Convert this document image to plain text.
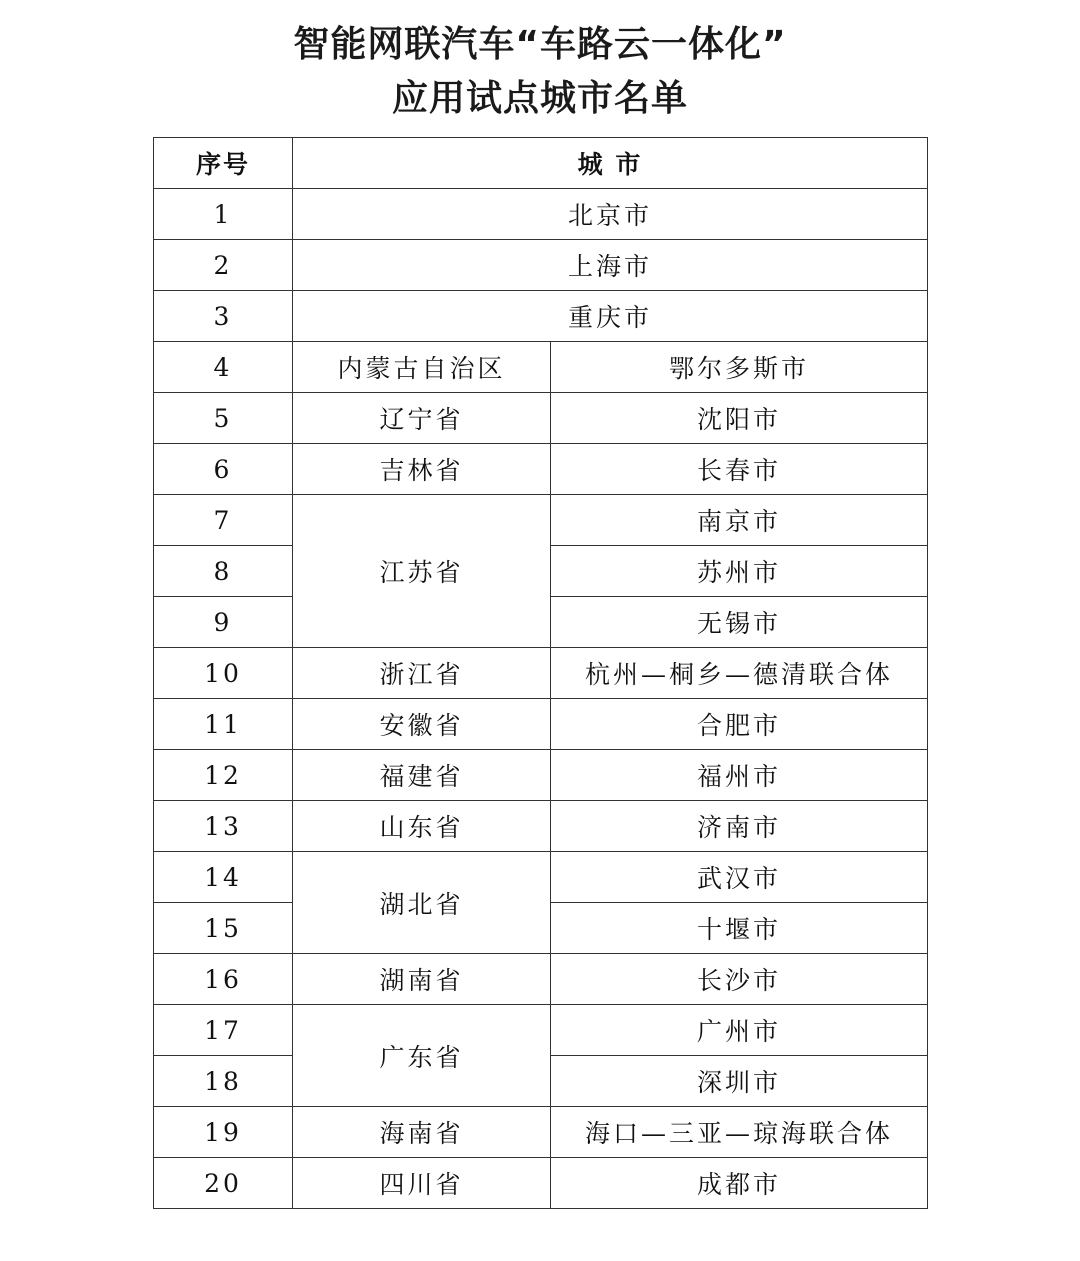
智能网联汽车“车路云一体化”
应用试点城市名单
序号	城 市	
1	北京市	
2	上海市	
3	重庆市	
4	内蒙古自治区	鄂尔多斯市
5	辽宁省	沈阳市
6	吉林省	长春市
7	江苏省	南京市
8		苏州市
9		无锡市
10	浙江省	杭州—桐乡—德清联合体
11	安徽省	合肥市
12	福建省	福州市
13	山东省	济南市
14	湖北省	武汉市
15		十堰市
16	湖南省	长沙市
17	广东省	广州市
18		深圳市
19	海南省	海口—三亚—琼海联合体
20	四川省	成都市
